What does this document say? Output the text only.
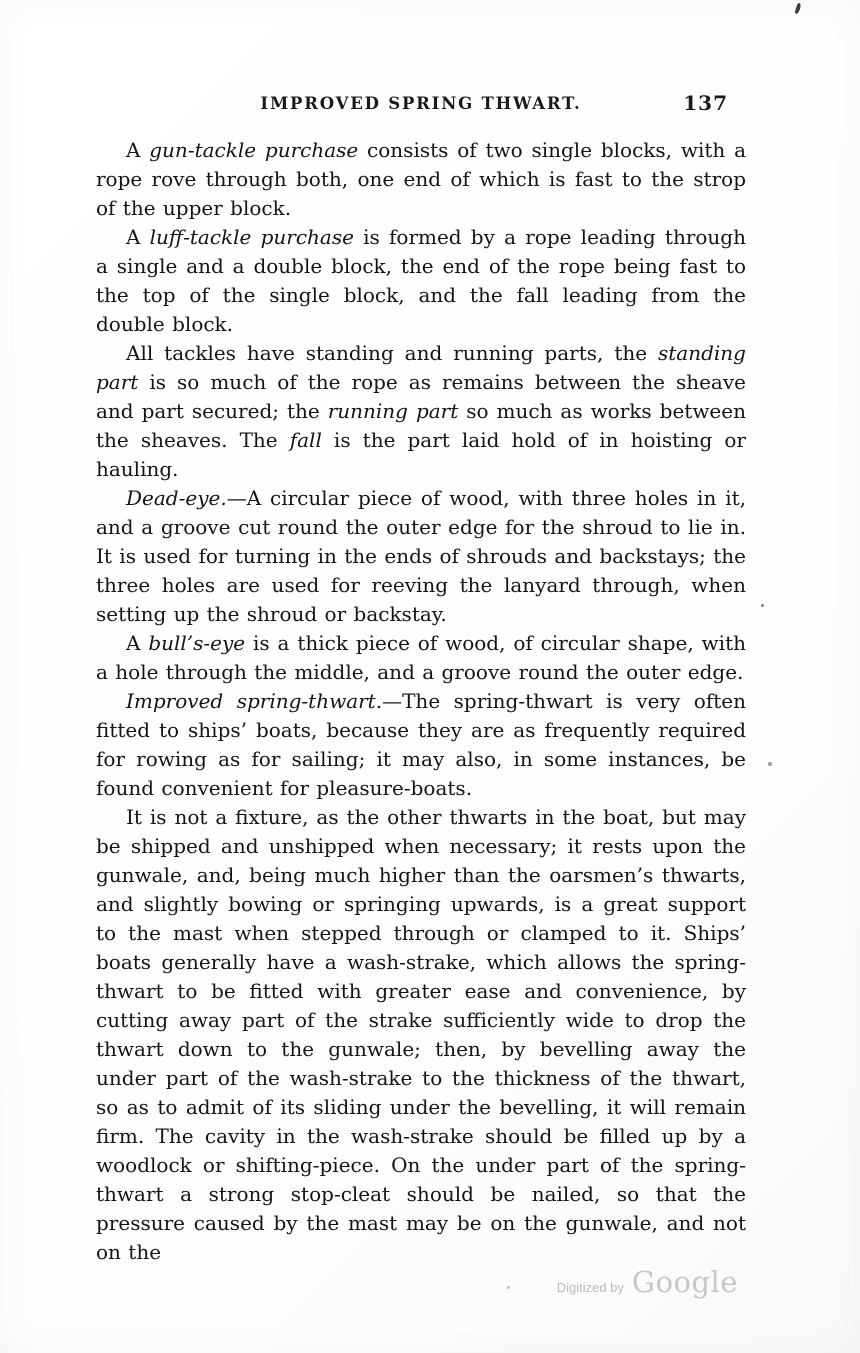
IMPROVED SPRING THWART.	137

A gun-tackle purchase consists of two single blocks, with a rope rove through both, one end of which is fast to the strop of the upper block.

A luff-tackle purchase is formed by a rope leading through a single and a double block, the end of the rope being fast to the top of the single block, and the fall leading from the double block.

All tackles have standing and running parts, the standing part is so much of the rope as remains between the sheave and part secured; the running part so much as works between the sheaves. The fall is the part laid hold of in hoisting or hauling.

Dead-eye.—A circular piece of wood, with three holes in it, and a groove cut round the outer edge for the shroud to lie in. It is used for turning in the ends of shrouds and backstays; the three holes are used for reeving the lanyard through, when setting up the shroud or backstay.

A bull’s-eye is a thick piece of wood, of circular shape, with a hole through the middle, and a groove round the outer edge.

Improved spring-thwart.—The spring-thwart is very often fitted to ships’ boats, because they are as frequently required for rowing as for sailing; it may also, in some instances, be found convenient for pleasure-boats.

It is not a fixture, as the other thwarts in the boat, but may be shipped and unshipped when necessary; it rests upon the gunwale, and, being much higher than the oarsmen’s thwarts, and slightly bowing or springing upwards, is a great support to the mast when stepped through or clamped to it. Ships’ boats generally have a wash-strake, which allows the spring-thwart to be fitted with greater ease and convenience, by cutting away part of the strake sufficiently wide to drop the thwart down to the gunwale; then, by bevelling away the under part of the wash-strake to the thickness of the thwart, so as to admit of its sliding under the bevelling, it will remain firm. The cavity in the wash-strake should be filled up by a woodlock or shifting-piece. On the under part of the spring-thwart a strong stop-cleat should be nailed, so that the pressure caused by the mast may be on the gunwale, and not on the

Digitized by Google
